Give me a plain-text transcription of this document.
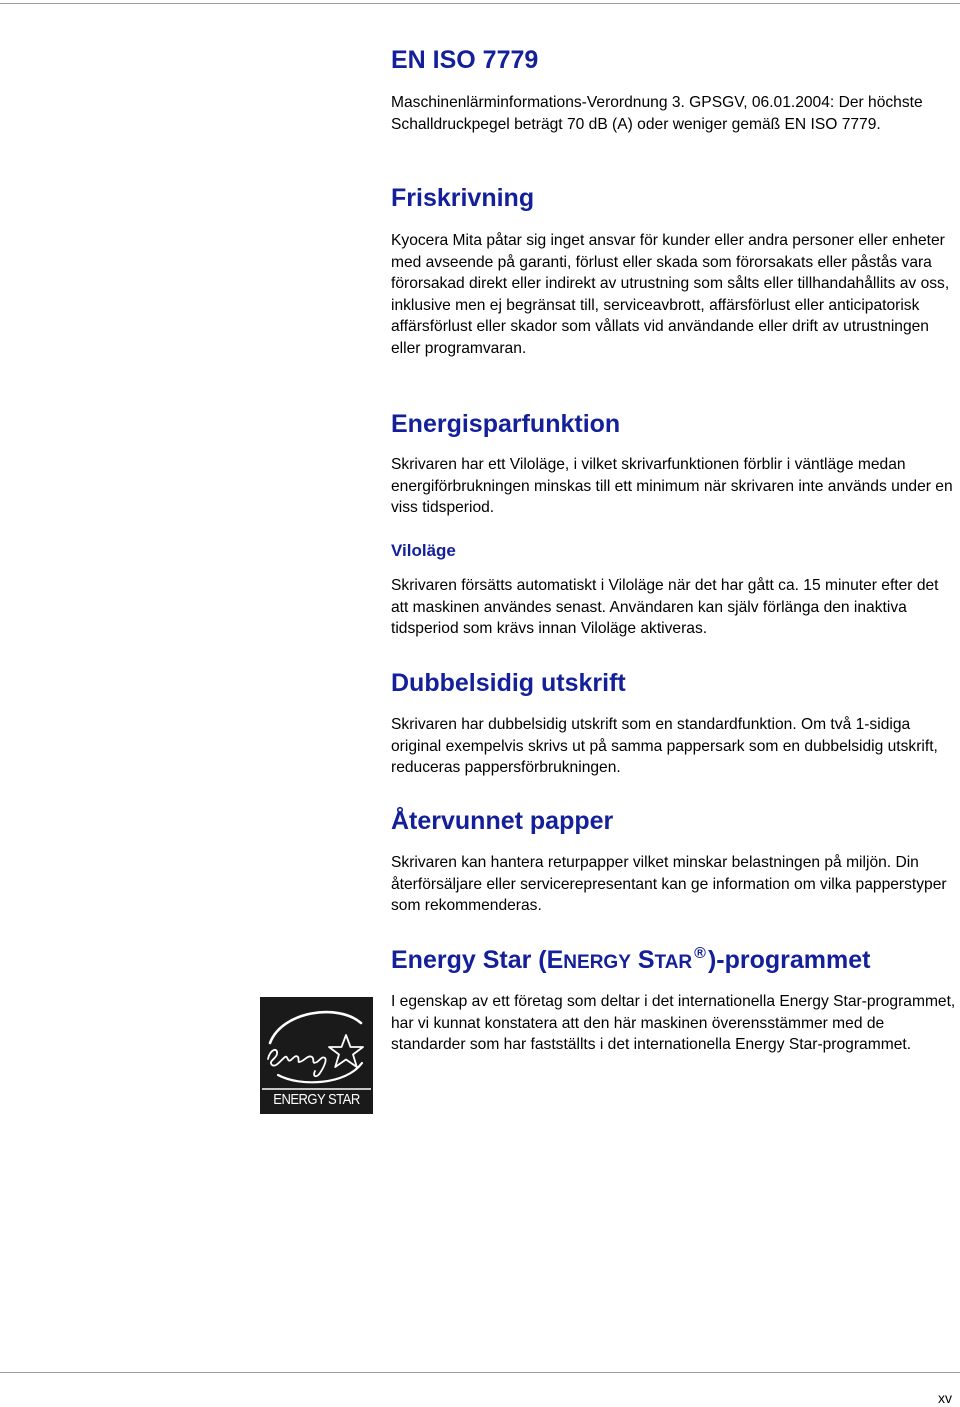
EN ISO 7779

Maschinenlärminformations-Verordnung 3. GPSGV, 06.01.2004: Der höchste Schalldruckpegel beträgt 70 dB (A) oder weniger gemäß EN ISO 7779.

Friskrivning

Kyocera Mita påtar sig inget ansvar för kunder eller andra personer eller enheter med avseende på garanti, förlust eller skada som förorsakats eller påstås vara förorsakad direkt eller indirekt av utrustning som sålts eller tillhandahållits av oss, inklusive men ej begränsat till, serviceavbrott, affärsförlust eller anticipatorisk affärsförlust eller skador som vållats vid användande eller drift av utrustningen eller programvaran.

Energisparfunktion

Skrivaren har ett Viloläge, i vilket skrivarfunktionen förblir i väntläge medan energiförbrukningen minskas till ett minimum när skrivaren inte används under en viss tidsperiod.

Viloläge

Skrivaren försätts automatiskt i Viloläge när det har gått ca. 15 minuter efter det att maskinen användes senast. Användaren kan själv förlänga den inaktiva tidsperiod som krävs innan Viloläge aktiveras.

Dubbelsidig utskrift

Skrivaren har dubbelsidig utskrift som en standardfunktion. Om två 1-sidiga original exempelvis skrivs ut på samma pappersark som en dubbelsidig utskrift, reduceras pappersförbrukningen.

Återvunnet papper

Skrivaren kan hantera returpapper vilket minskar belastningen på miljön. Din återförsäljare eller servicerepresentant kan ge information om vilka papperstyper som rekommenderas.

Energy Star (ENERGY STAR ®)-programmet

I egenskap av ett företag som deltar i det internationella Energy Star-programmet, har vi kunnat konstatera att den här maskinen överensstämmer med de standarder som har fastställts i det internationella Energy Star-programmet.

ENERGY STAR
xv
